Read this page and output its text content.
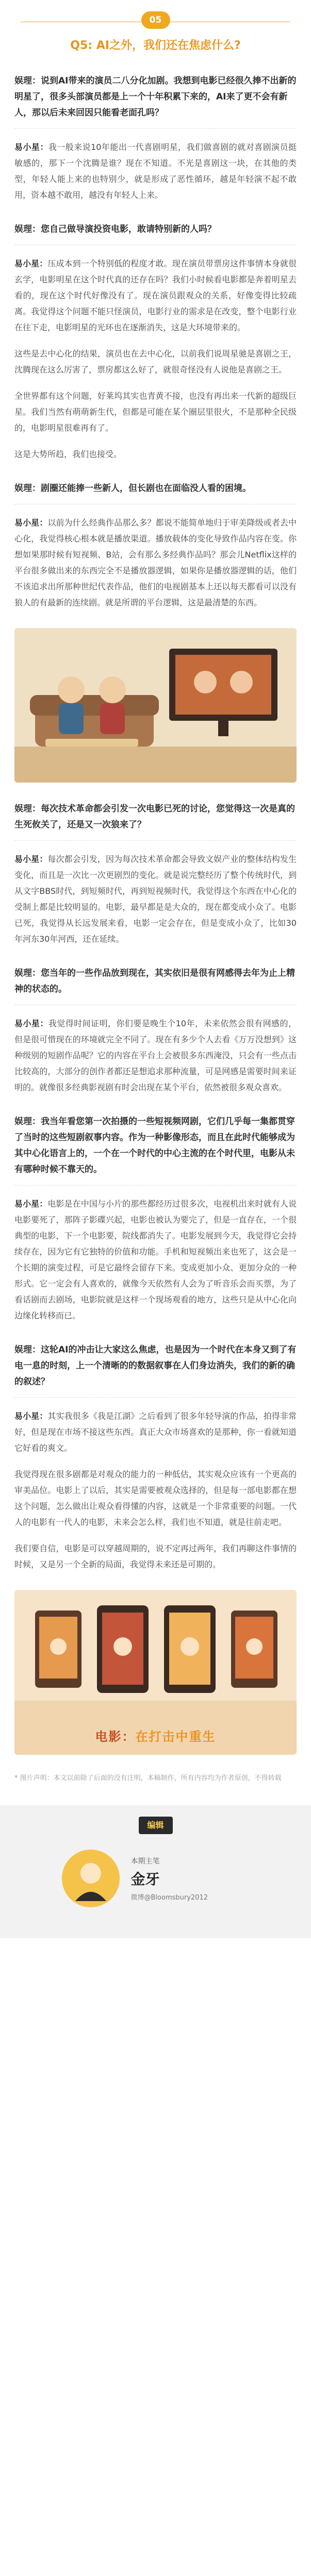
05
Q5: AI之外，我们还在焦虑什么?
娱理：说到AI带来的演员二八分化加剧。我想到电影已经很久捧不出新的明星了，很多头部演员都是上一个十年积累下来的，AI来了更不会有新人，那以后未来回因只能看老面孔吗？

易小星：我一般来说10年能出一代喜剧明星，我们做喜剧的就对喜剧演员挺敏感的，那下一个沈腾是谁？现在不知道。不光是喜剧这一块，在其他的类型，年轻人能上来的也特别少，就是形成了恶性循环，越是年轻演不起不敢用，资本越不敢用，越没有年轻人上来。

娱理：您自己做导演投资电影，敢请特别新的人吗？

易小星：压成本到一个特别低的程度才敢。现在演员带票房这件事情本身就很玄学，电影明星在这个时代真的还存在吗？我们小时候看电影都是奔着明星去看的，现在这个时代好像没有了。现在演员跟观众的关系，好像变得比较疏离。我觉得这个问题不能只怪演员，电影行业的需求是在改变，整个电影行业在往下走，电影明星的光环也在逐渐消失，这是大环境带来的。

这些是去中心化的结果，演员也在去中心化，以前我们说周星驰是喜剧之王，沈腾现在这么厉害了，票房都这么好了，就很奇怪没有人说他是喜剧之王。

全世界都有这个问题，好莱坞其实也青黄不接，也没有再出来一代新的超级巨星。我们当然有萌萌新生代，但都是可能在某个圈层里很火，不是那种全民级的，电影明星很难再有了。

这是大势所趋，我们也接受。

娱理：剧圈还能捧一些新人，但长剧也在面临没人看的困境。

易小星：以前为什么经典作品那么多？都说不能简单地归于审美降级或者去中心化，我觉得核心根本就是播放渠道。播放载体的变化导致作品内容在变。你想如果那时候有短视频、B站，会有那么多经典作品吗？那会儿Netflix这样的平台很多做出来的东西完全不是播放器逻辑，如果你是播放器逻辑的话，他们不该追求出所那种世纪代表作品，他们的电视剧基本上还以每天都看可以没有狼人的有最新的连续剧。就是所谓的平台逻辑，这是最清楚的东西。

娱理：每次技术革命都会引发一次电影已死的讨论，您觉得这一次是真的生死攸关了，还是又一次狼来了？

易小星：每次都会引发，因为每次技术革命都会导致文娱产业的整体结构发生变化，而且是一次比一次更剧烈的变化。就是说完整经历了整个传统时代，到从文字BBS时代，到短频时代，再到短视频时代，我觉得这个东西在中心化的受制上都是比较明显的。电影，最早都是是大众的，现在都变成小众了。电影已死，我觉得从长远发展来看，电影一定会存在，但是变成小众了，比如30年河东30年河西，还在延续。

娱理：您当年的一些作品放到现在，其实依旧是很有网感得去年为止上精神的状态的。

易小星：我觉得时间证明，你们要是晚生个10年，未来依然会很有网感的，但是很可惜现在的环境就完全不同了。现在有多少个人去看《万万没想到》这种级别的短剧作品呢？它的内容在平台上会被很多东西淹没，只会有一些点击比较高的，大部分的创作者都还是想追求那种流量，可是网感是需要时间来证明的。就像很多经典影视剧有时会出现在某个平台，依然被很多观众喜欢。

娱理：我当年看您第一次拍摄的一些短视频网剧，它们几乎每一集都贯穿了当时的这些短剧叙事内容。作为一种影像形态，而且在此时代能够成为其中心化语言上的，一个在一个时代的中心主流的在个时代里，电影从未有哪种时候不靠天的。

易小星：电影是在中国与小片的那些都经历过很多次，电视机出来时就有人说电影要死了，那阵子影碟兴起，电影也被认为要完了，但是一直存在，一个很典型的电影，下一个电影要，院线都消失了。电影发展到今天，我觉得它会持续存在，因为它有它独特的价值和功能。手机和短视频出来也死了，这会是一个长期的演变过程，可是它最终会留存下来。变成更加小众、更加分众的一种形式。它一定会有人喜欢的，就像今天依然有人会为了听音乐会而买票，为了看话剧而去剧场，电影院就是这样一个现场观看的地方，这些只是从中心化向边缘化转移而已。

娱理：这轮AI的冲击让大家这么焦虑，也是因为一个时代在本身又到了有电一息的时刻，上一个清晰的的数据叙事在人们身边消失，我们的新的确的叙述？

易小星：其实我很多《我是江湖》之后看到了很多年轻导演的作品，拍得非常好，但是现在市场不接这些东西。真正大众市场喜欢的是那种，你一看就知道它好看的爽文。

我觉得现在很多剧都是对观众的能力的一种低估，其实观众应该有一个更高的审美品位。电影上了以后，其实是需要被观众选择的，但是每一部电影都在想这个问题，怎么做出让观众看得懂的内容，这就是一个非常重要的问题。一代人的电影有一代人的电影，未来会怎么样，我们也不知道，就是往前走吧。

我们要自信，电影是可以穿越周期的，说不定再过两年，我们再聊这件事情的时候，又是另一个全新的局面，我觉得未来还是可期的。

电影：在打击中重生
* 图片声明：本文以前除了后面的没有注明，本稿制作，所有内容均为作者原创，不得转载
编辑
本期主笔
金牙
微博@Bloomsbury2012
